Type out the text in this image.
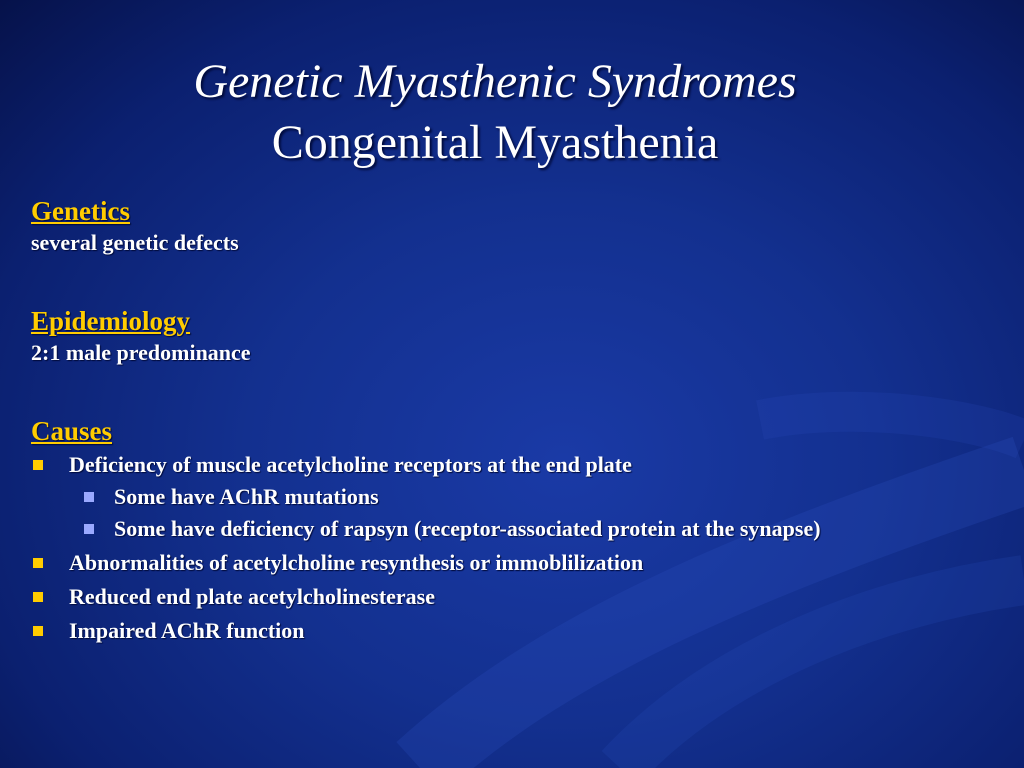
Genetic Myasthenic Syndromes
Congenital Myasthenia
Genetics
several genetic defects
Epidemiology
2:1 male predominance
Causes
Deficiency of muscle acetylcholine receptors at the end plate
Some have AChR mutations
Some have deficiency of rapsyn (receptor-associated protein at the synapse)
Abnormalities of acetylcholine resynthesis or immoblilization
Reduced end plate acetylcholinesterase
Impaired AChR function
